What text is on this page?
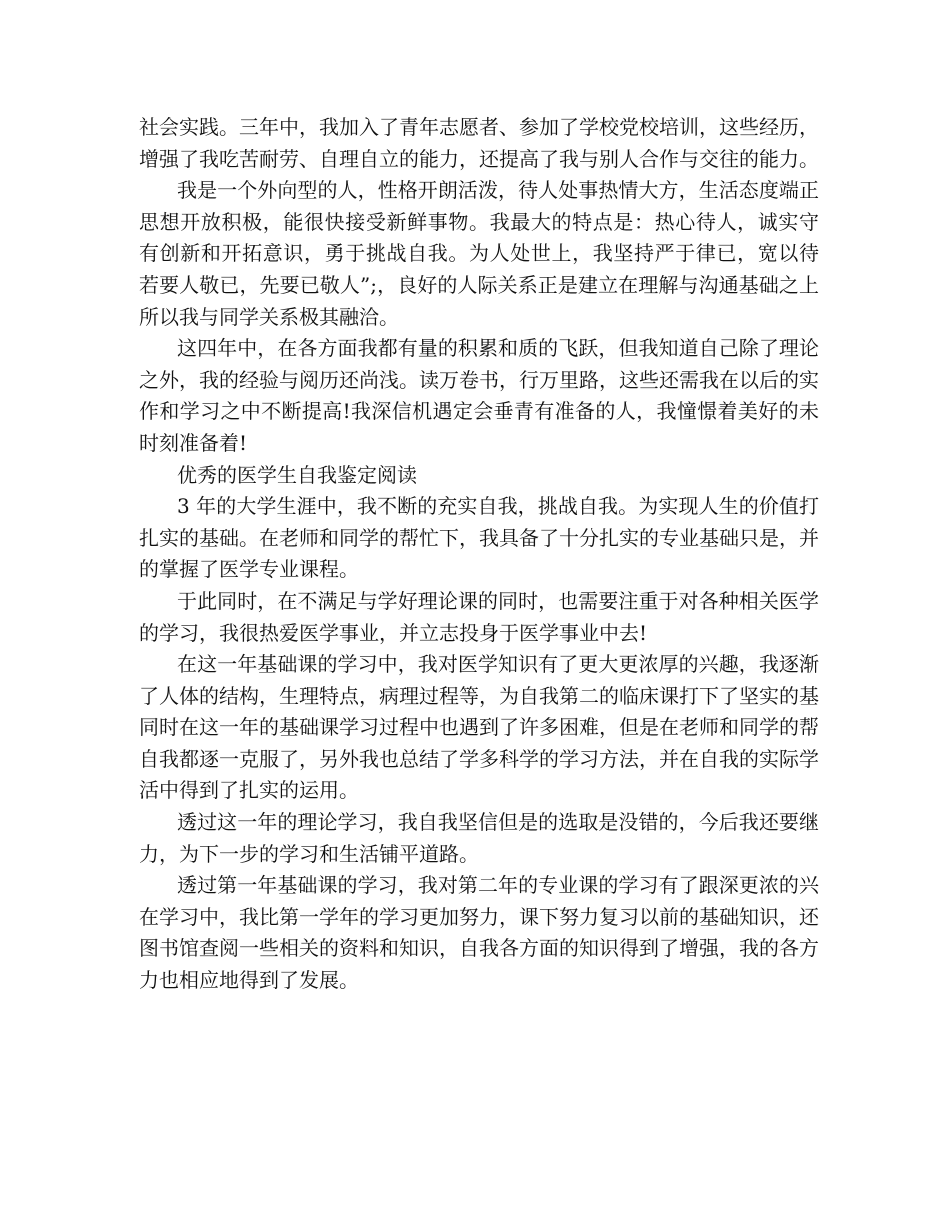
社会实践。三年中，我加入了青年志愿者、参加了学校党校培训，这些经历，
增强了我吃苦耐劳、自理自立的能力，还提高了我与别人合作与交往的能力。
我是一个外向型的人，性格开朗活泼，待人处事热情大方，生活态度端正
思想开放积极，能很快接受新鲜事物。我最大的特点是：热心待人，诚实守
有创新和开拓意识，勇于挑战自我。为人处世上，我坚持严于律已，宽以待
若要人敬已，先要已敬人”;，良好的人际关系正是建立在理解与沟通基础之上
所以我与同学关系极其融洽。
这四年中，在各方面我都有量的积累和质的飞跃，但我知道自己除了理论
之外，我的经验与阅历还尚浅。读万卷书，行万里路，这些还需我在以后的实
作和学习之中不断提高!我深信机遇定会垂青有准备的人，我憧憬着美好的未
时刻准备着!
优秀的医学生自我鉴定阅读
3 年的大学生涯中，我不断的充实自我，挑战自我。为实现人生的价值打
扎实的基础。在老师和同学的帮忙下，我具备了十分扎实的专业基础只是，并
的掌握了医学专业课程。
于此同时，在不满足与学好理论课的同时，也需要注重于对各种相关医学
的学习，我很热爱医学事业，并立志投身于医学事业中去!
在这一年基础课的学习中，我对医学知识有了更大更浓厚的兴趣，我逐渐
了人体的结构，生理特点，病理过程等，为自我第二的临床课打下了坚实的基
同时在这一年的基础课学习过程中也遇到了许多困难，但是在老师和同学的帮
自我都逐一克服了，另外我也总结了学多科学的学习方法，并在自我的实际学
活中得到了扎实的运用。
透过这一年的理论学习，我自我坚信但是的选取是没错的，今后我还要继
力，为下一步的学习和生活铺平道路。
透过第一年基础课的学习，我对第二年的专业课的学习有了跟深更浓的兴
在学习中，我比第一学年的学习更加努力，课下努力复习以前的基础知识，还
图书馆查阅一些相关的资料和知识，自我各方面的知识得到了增强，我的各方
力也相应地得到了发展。
